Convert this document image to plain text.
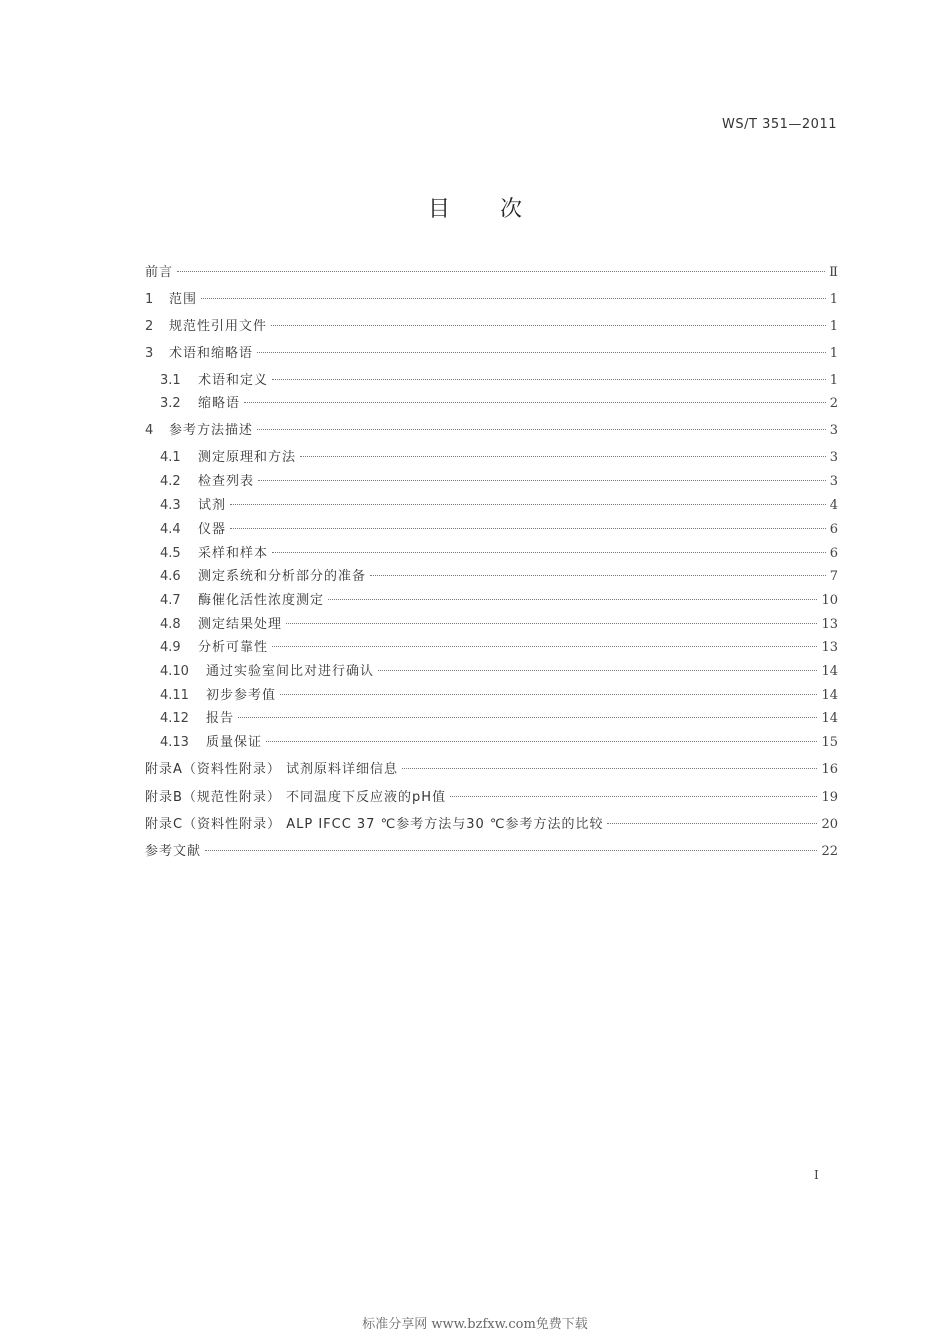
WS/T 351—2011
目 次
前言	Ⅱ
1	范围	1
2	规范性引用文件	1
3	术语和缩略语	1
3.1	术语和定义	1
3.2	缩略语	2
4	参考方法描述	3
4.1	测定原理和方法	3
4.2	检查列表	3
4.3	试剂	4
4.4	仪器	6
4.5	采样和样本	6
4.6	测定系统和分析部分的准备	7
4.7	酶催化活性浓度测定	10
4.8	测定结果处理	13
4.9	分析可靠性	13
4.10	通过实验室间比对进行确认	14
4.11	初步参考值	14
4.12	报告	14
4.13	质量保证	15
附录A（资料性附录） 试剂原料详细信息	16
附录B（规范性附录） 不同温度下反应液的pH值	19
附录C（资料性附录） ALP IFCC 37 ℃参考方法与30 ℃参考方法的比较	20
参考文献	22
Ⅰ
标准分享网 www.bzfxw.com免费下载
